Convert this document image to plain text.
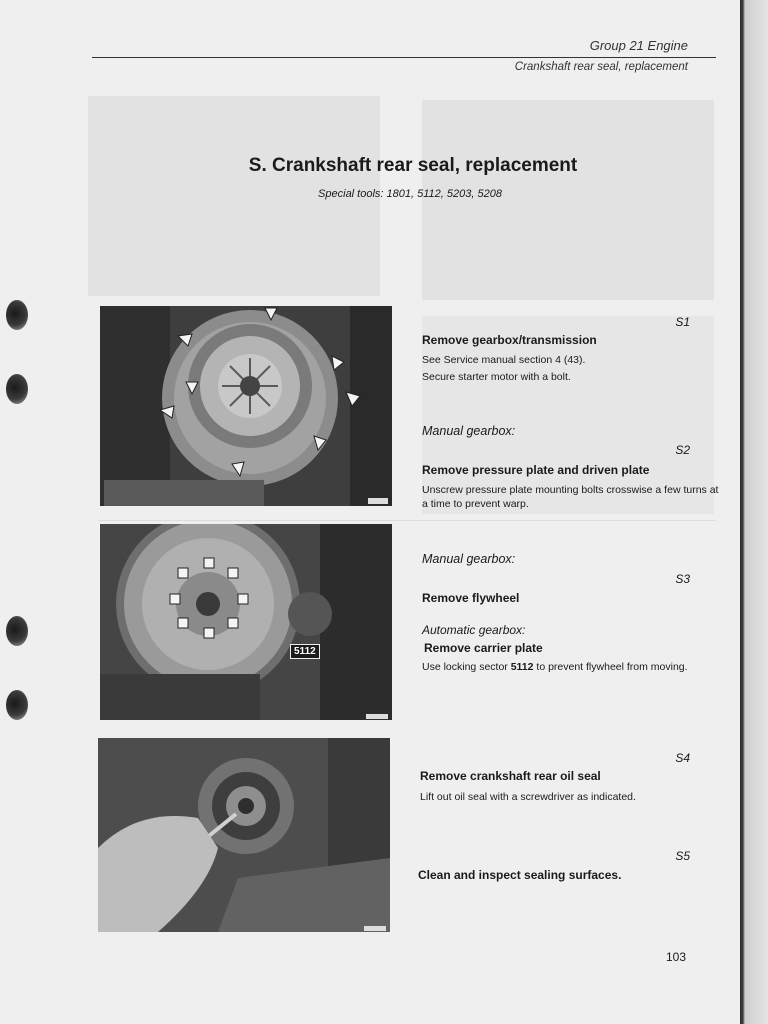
Group 21 Engine
Crankshaft rear seal, replacement
S. Crankshaft rear seal, replacement
Special tools: 1801, 5112, 5203, 5208
5112
S1
Remove gearbox/transmission
See Service manual section 4 (43).
Secure starter motor with a bolt.
Manual gearbox:
S2
Remove pressure plate and driven plate
Unscrew pressure plate mounting bolts crosswise a few turns at a time to prevent warp.
Manual gearbox:
S3
Remove flywheel
Automatic gearbox:
Remove carrier plate
Use locking sector 5112 to prevent flywheel from moving.
S4
Remove crankshaft rear oil seal
Lift out oil seal with a screwdriver as indicated.
S5
Clean and inspect sealing surfaces.
103
